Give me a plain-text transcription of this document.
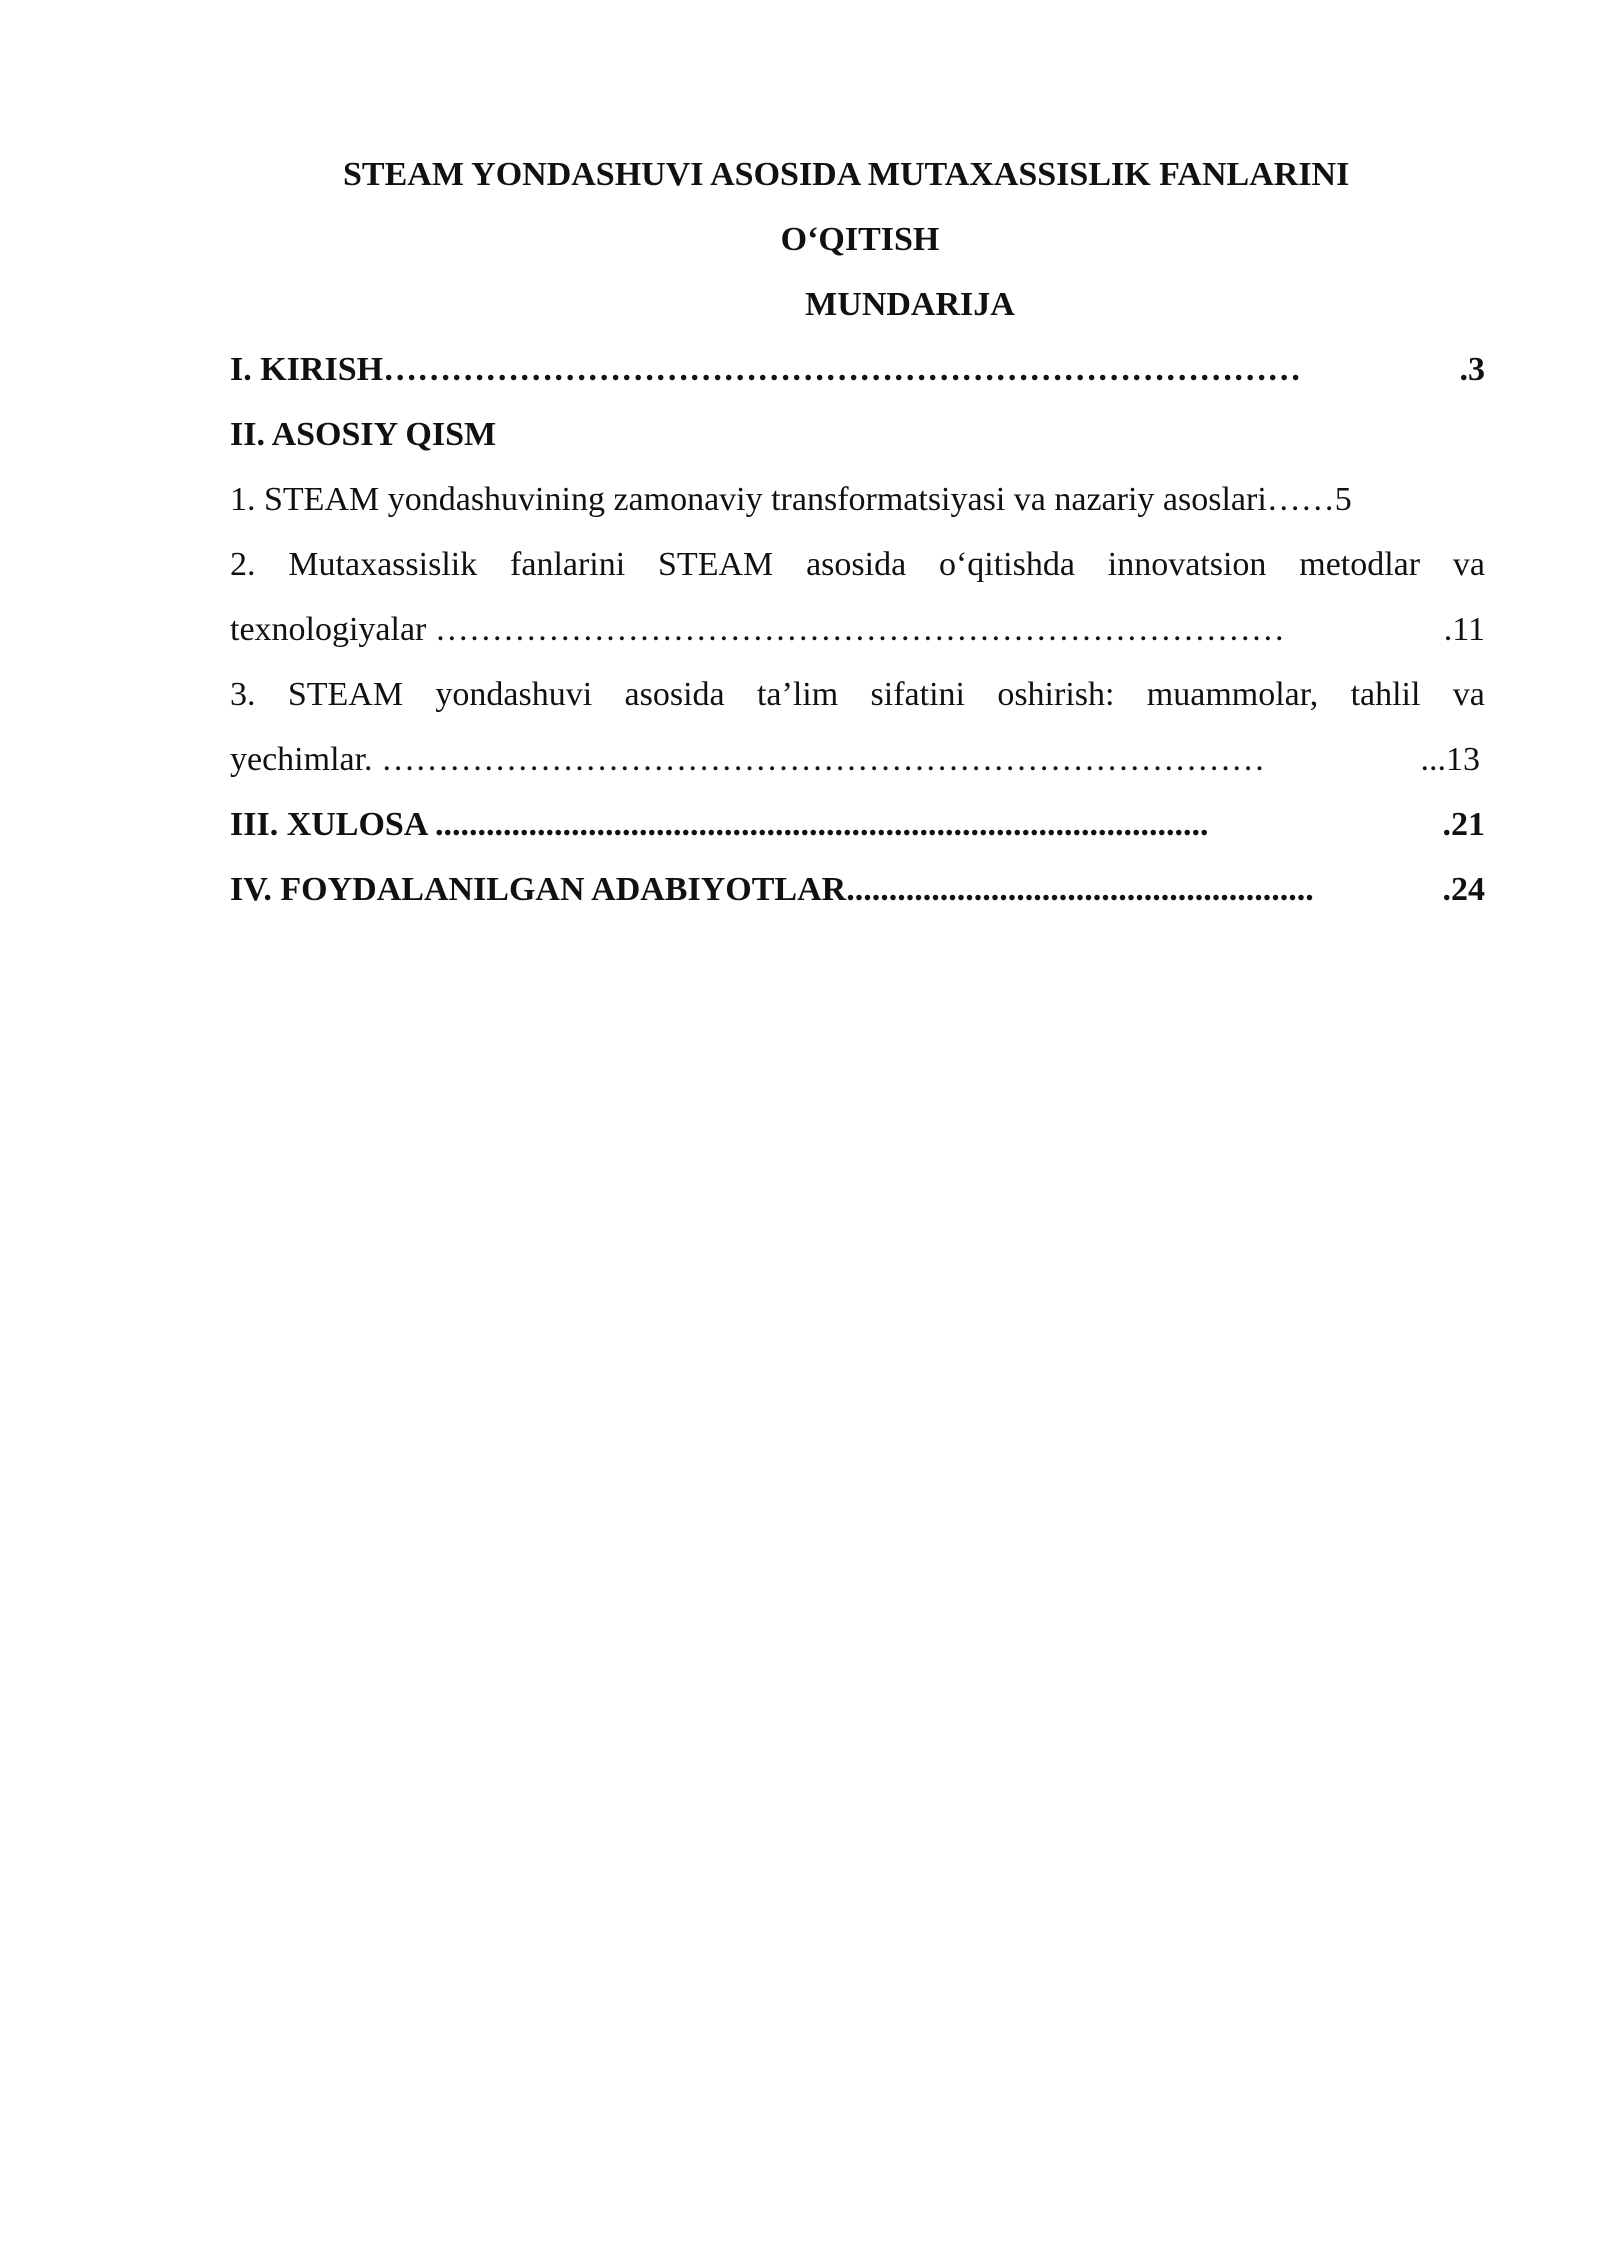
STEAM YONDASHUVI ASOSIDA MUTAXASSISLIK FANLARINI
O‘QITISH
MUNDARIJA
I. KIRISH ………………………………………………………………………	.3
II. ASOSIY QISM
1. STEAM yondashuvining zamonaviy transformatsiyasi va nazariy asoslari …… 5
2. Mutaxassislik fanlarini STEAM asosida o‘qitishda innovatsion metodlar va
texnologiyalar …………………………………………………………………	.11
3. STEAM yondashuvi asosida ta’lim sifatini oshirish: muammolar, tahlil va
yechimlar. ……………………………………………………………………	...13
III. XULOSA ...........................................................................................	.21
IV. FOYDALANILGAN ADABIYOTLAR .......................................................	.24
